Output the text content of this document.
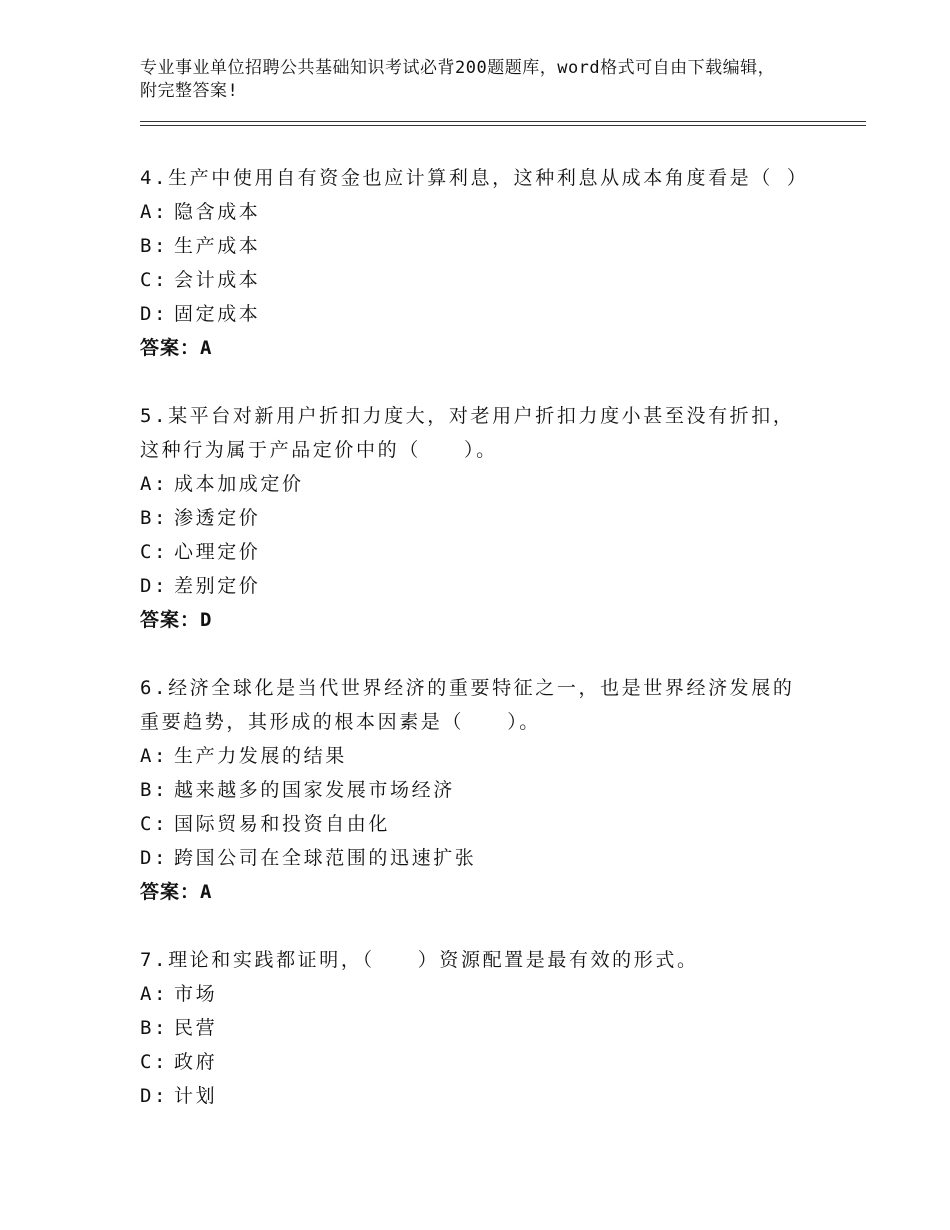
专业事业单位招聘公共基础知识考试必背200题题库，word格式可自由下载编辑，附完整答案!
4.生产中使用自有资金也应计算利息，这种利息从成本角度看是（ ）
A: 隐含成本
B: 生产成本
C: 会计成本
D: 固定成本
答案：A
5.某平台对新用户折扣力度大，对老用户折扣力度小甚至没有折扣，
这种行为属于产品定价中的（　　）。
A: 成本加成定价
B: 渗透定价
C: 心理定价
D: 差别定价
答案：D
6.经济全球化是当代世界经济的重要特征之一，也是世界经济发展的
重要趋势，其形成的根本因素是（　　）。
A: 生产力发展的结果
B: 越来越多的国家发展市场经济
C: 国际贸易和投资自由化
D: 跨国公司在全球范围的迅速扩张
答案：A
7.理论和实践都证明，（　　）资源配置是最有效的形式。
A: 市场
B: 民营
C: 政府
D: 计划
